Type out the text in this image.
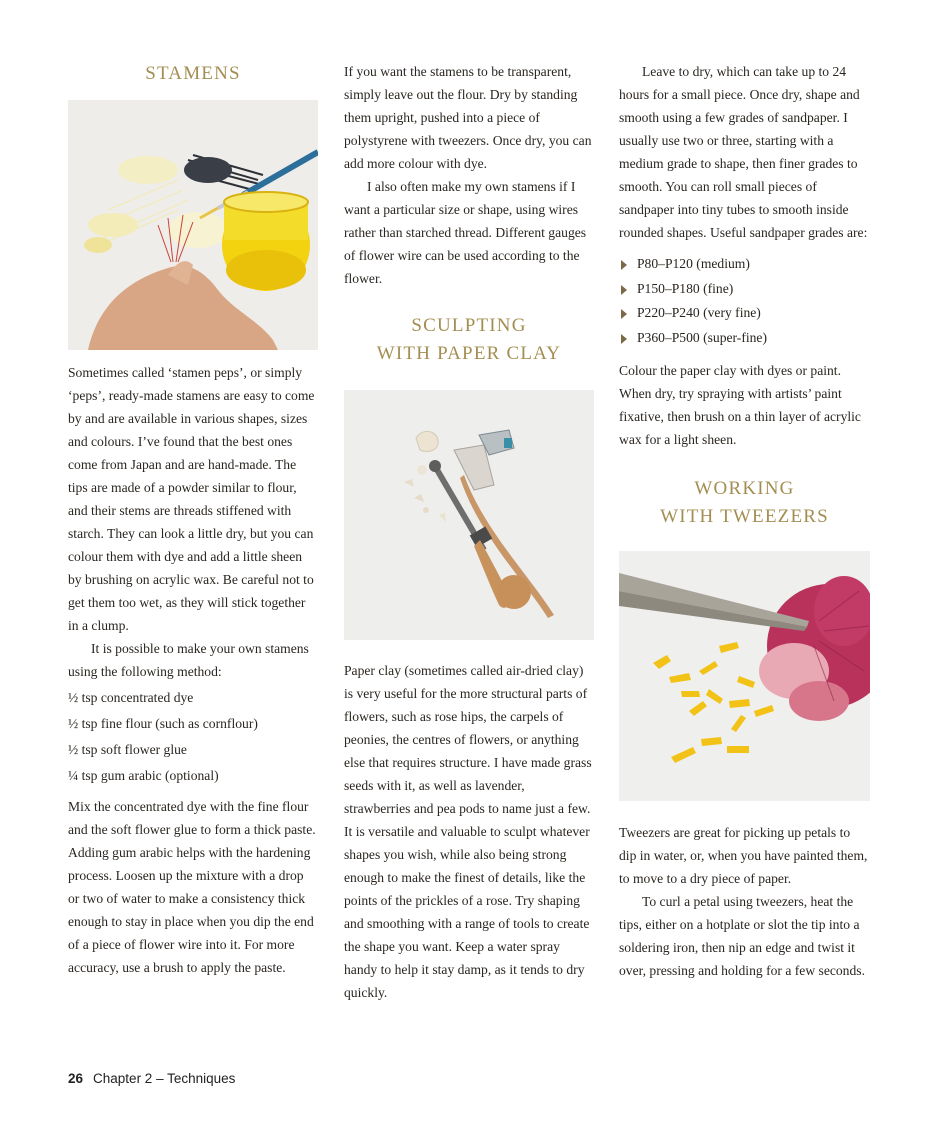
STAMENS

Sometimes called ‘stamen peps’, or simply ‘peps’, ready-made stamens are easy to come by and are available in various shapes, sizes and colours. I’ve found that the best ones come from Japan and are hand-made. The tips are made of a powder similar to flour, and their stems are threads stiffened with starch. They can look a little dry, but you can colour them with dye and add a little sheen by brushing on acrylic wax. Be careful not to get them too wet, as they will stick together in a clump.

It is possible to make your own stamens using the following method:

½ tsp concentrated dye
½ tsp fine flour (such as cornflour)
½ tsp soft flower glue
¼ tsp gum arabic (optional)

Mix the concentrated dye with the fine flour and the soft flower glue to form a thick paste. Adding gum arabic helps with the hardening process. Loosen up the mixture with a drop or two of water to make a consistency thick enough to stay in place when you dip the end of a piece of flower wire into it. For more accuracy, use a brush to apply the paste.

If you want the stamens to be transparent, simply leave out the flour. Dry by standing them upright, pushed into a piece of polystyrene with tweezers. Once dry, you can add more colour with dye.

I also often make my own stamens if I want a particular size or shape, using wires rather than starched thread. Different gauges of flower wire can be used according to the flower.

SCULPTING
WITH PAPER CLAY

Paper clay (sometimes called air-dried clay) is very useful for the more structural parts of flowers, such as rose hips, the carpels of peonies, the centres of flowers, or anything else that requires structure. I have made grass seeds with it, as well as lavender, strawberries and pea pods to name just a few. It is versatile and valuable to sculpt whatever shapes you wish, while also being strong enough to make the finest of details, like the points of the prickles of a rose. Try shaping and smoothing with a range of tools to create the shape you want. Keep a water spray handy to help it stay damp, as it tends to dry quickly.

Leave to dry, which can take up to 24 hours for a small piece. Once dry, shape and smooth using a few grades of sandpaper. I usually use two or three, starting with a medium grade to shape, then finer grades to smooth. You can roll small pieces of sandpaper into tiny tubes to smooth inside rounded shapes. Useful sandpaper grades are:

P80–P120 (medium)
P150–P180 (fine)
P220–P240 (very fine)
P360–P500 (super-fine)

Colour the paper clay with dyes or paint. When dry, try spraying with artists’ paint fixative, then brush on a thin layer of acrylic wax for a light sheen.

WORKING
WITH TWEEZERS

Tweezers are great for picking up petals to dip in water, or, when you have painted them, to move to a dry piece of paper.

To curl a petal using tweezers, heat the tips, either on a hotplate or slot the tip into a soldering iron, then nip an edge and twist it over, pressing and holding for a few seconds.

26 Chapter 2 – Techniques
